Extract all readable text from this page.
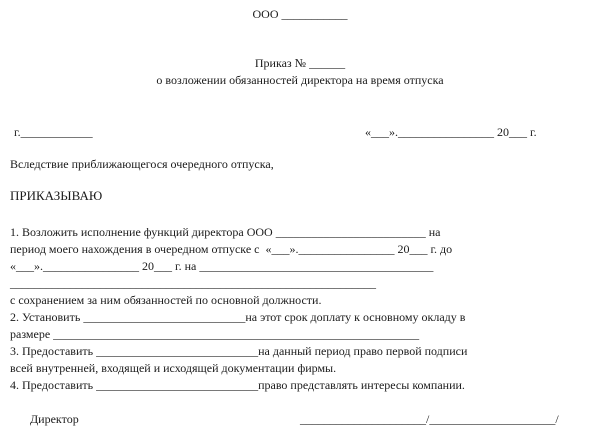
ООО ___________
Приказ № ______
о возложении обязанностей директора на время отпуска
г.____________	«___».________________ 20___ г.
Вследствие приближающегося очередного отпуска,
ПРИКАЗЫВАЮ
1. Возложить исполнение функций директора ООО _________________________ на
период моего нахождения в очередном отпуске с  «___».________________ 20___ г. до
«___».________________ 20___ г. на _______________________________________
_____________________________________________________________
с сохранением за ним обязанностей по основной должности.
2. Установить ___________________________на этот срок доплату к основному окладу в
размере _____________________________________________________________
3. Предоставить ___________________________на данный период право первой подписи
всей внутренней, входящей и исходящей документации фирмы.
4. Предоставить ___________________________право представлять интересы компании.
Директор	_____________________/_____________________/
